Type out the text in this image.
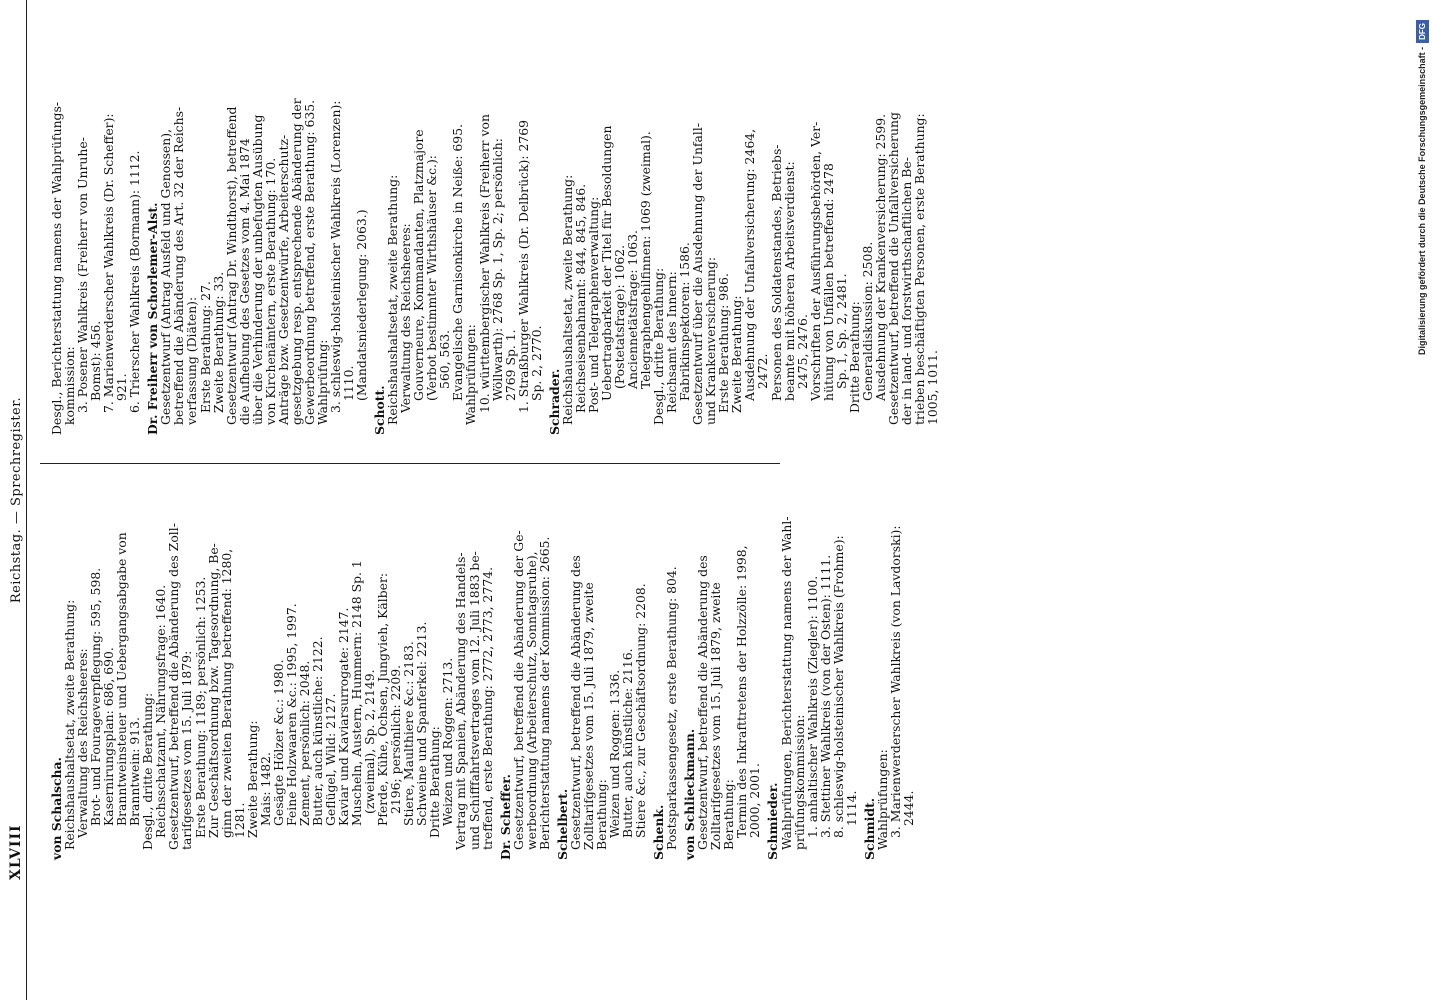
XLVIII
Reichstag. — Sprechregister.
von Schalscha.
Reichshaushaltsetat, zweite Berathung:
Verwaltung des Reichsheeres:
Brot- und Fourageverpflegung: 595, 598.
Kasernirungsplan: 686, 690.
Branntweinsteuer und Uebergangsabgabe von
Branntwein: 913.
Desgl., dritte Berathung:
Reichsschatzamt, Nährungsfrage: 1640.
Gesetzentwurf, betreffend die Abänderung des Zoll-
tarifgesetzes vom 15. Juli 1879:
Erste Berathung: 1189; persönlich: 1253.
Zur Geschäftsordnung bzw. Tagesordnung, Be-
ginn der zweiten Berathung betreffend: 1280,
1281.
Zweite Berathung:
Mais: 1482.
Gesägte Hölzer &c.: 1980.
Feine Holzwaaren &c.: 1995, 1997.
Zement, persönlich: 2048.
Butter, auch künstliche: 2122.
Geflügel, Wild: 2127.
Kaviar und Kaviarsurrogate: 2147.
Muscheln, Austern, Hummern: 2148 Sp. 1
(zweimal), Sp. 2, 2149.
Pferde, Kühe, Ochsen, Jungvieh, Kälber:
2196; persönlich: 2209.
Stiere, Maulthiere &c.: 2183.
Schweine und Spanferkel: 2213.
Dritte Berathung:
Weizen und Roggen: 2713.
Vertrag mit Spanien, Abänderung des Handels-
und Schifffahrtsvertrages vom 12. Juli 1883 be-
treffend, erste Berathung: 2772, 2773, 2774. Dr. Scheffer.
Gesetzentwurf, betreffend die Abänderung der Ge-
werbeordnung (Arbeiterschutz, Sonntagsruhe),
Berichterstattung namens der Kommission: 2665. Schelbert.
Gesetzentwurf, betreffend die Abänderung des
Zolltarifgesetzes vom 15. Juli 1879, zweite
Berathung:
Weizen und Roggen: 1336.
Butter, auch künstliche: 2116.
Stiere &c., zur Geschäftsordnung: 2208. Schenk.
Postsparkassengesetz, erste Berathung: 804. von Schlieckmann.
Gesetzentwurf, betreffend die Abänderung des
Zolltarifgesetzes vom 15. Juli 1879, zweite
Berathung:
Termin des Inkrafttretens der Holzzölle: 1998,
2000, 2001. Schmieder.
Wahlprüfungen, Berichterstattung namens der Wahl-
prüfungskommission:
1. anhaltischer Wahlkreis (Ziegler): 1100.
3. Stettiner Wahlkreis (von der Osten): 1111.
8. schleswig-holsteinischer Wahlkreis (Frohme):
1114. Schmidt.
Wahlprüfungen:
3. Marienwerderscher Wahlkreis (von Lavdorski):
2444.
Desgl., Berichterstattung namens der Wahlprüfungs-
kommission:
3. Posener Wahlkreis (Freiherr von Unruhe-
Bomst): 456.
7. Marienwerderscher Wahlkreis (Dr. Scheffer):
921.
6. Trierscher Wahlkreis (Bormann): 1112. Dr. Freiherr von Schorlemer-Alst.
Gesetzentwurf (Antrag Ausfeld und Genossen),
betreffend die Abänderung des Art. 32 der Reichs-
verfassung (Diäten):
Erste Berathung: 27.
Zweite Berathung: 33.
Gesetzentwurf (Antrag Dr. Windthorst), betreffend
die Aufhebung des Gesetzes vom 4. Mai 1874
über die Verhinderung der unbefugten Ausübung
von Kirchenämtern, erste Berathung: 170.
Anträge bzw. Gesetzentwürfe, Arbeiterschutz-
gesetzgebung resp. entsprechende Abänderung der
Gewerbeordnung betreffend, erste Berathung: 635.
Wahlprüfung:
3. schleswig-holsteinischer Wahlkreis (Lorenzen):
1110.
(Mandatsniederlegung: 2063.)
Schott.
Reichshaushaltsetat, zweite Berathung:
Verwaltung des Reichsheeres:
Gouverneure, Kommandanten, Platzmajore
(Verbot bestimmter Wirthshäuser &c.):
560, 563.
Evangelische Garnisonkirche in Neiße: 695.
Wahlprüfungen:
10. württembergischer Wahlkreis (Freiherr von
Wöllwarth): 2768 Sp. 1, Sp. 2; persönlich:
2769 Sp. 1.
1. Straßburger Wahlkreis (Dr. Delbrück): 2769
Sp. 2, 2770.
Schrader.
Reichshaushaltsetat, zweite Berathung:
Reichseisenbahnamt: 844, 845, 846.
Post- und Telegraphenverwaltung:
Uebertragbarkeit der Titel für Besoldungen
(Postetatsfrage): 1062.
Anciennetätsfrage: 1063.
Telegraphengehilfinnen: 1069 (zweimal).
Desgl., dritte Berathung:
Reichsamt des Innern:
Fabrikinspektoren: 1586.
Gesetzentwurf über die Ausdehnung der Unfall-
und Krankenversicherung:
Erste Berathung: 986.
Zweite Berathung:
Ausdehnung der Unfallversicherung: 2464,
2472.
Personen des Soldatenstandes, Betriebs-
beamte mit höheren Arbeitsverdienst:
2475, 2476.
Vorschriften der Ausführungsbehörden, Ver-
hütung von Unfällen betreffend: 2478
Sp. 1, Sp. 2, 2481.
Dritte Berathung:
Generaldiskussion: 2508.
Ausdehnung der Krankenversicherung: 2599.
Gesetzentwurf, betreffend die Unfallversicherung
der in land- und forstwirthschaftlichen Be-
trieben beschäftigten Personen, erste Berathung:
1005, 1011.
Digitalisierung gefördert durch die Deutsche Forschungsgemeinschaft -DFG
